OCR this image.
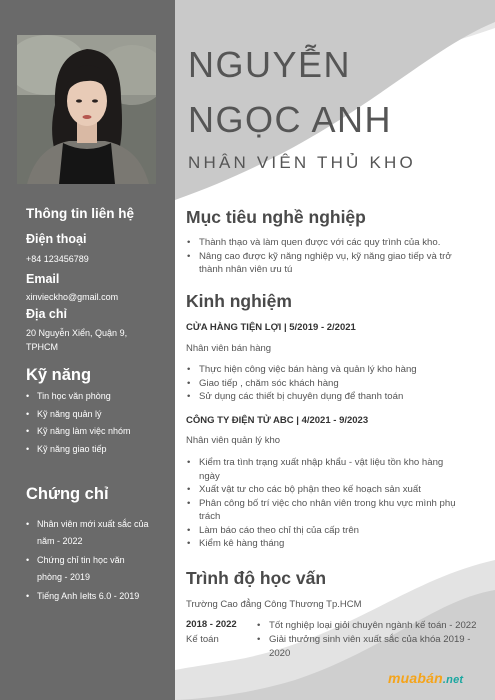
Thông tin liên hệ
Điện thoại
+84 123456789
Email
xinvieckho@gmail.com
Địa chỉ
20 Nguyễn Xiển, Quận 9,
TPHCM
Kỹ năng
• Tin học văn phòng
• Kỹ năng quản lý
• Kỹ năng làm việc nhóm
• Kỹ năng giao tiếp
Chứng chỉ
• Nhân viên mới xuất sắc của
năm - 2022
• Chứng chỉ tin học văn
phòng - 2019
• Tiếng Anh Ielts 6.0 - 2019
NGUYỄN
NGỌC ANH
NHÂN VIÊN THỦ KHO
Mục tiêu nghề nghiệp
• Thành thạo và làm quen được với các quy trình của kho.
• Nâng cao được kỹ năng nghiệp vụ, kỹ năng giao tiếp và trở thành nhân viên ưu tú
Kinh nghiệm
CỬA HÀNG TIỆN LỢI | 5/2019 - 2/2021
Nhân viên bán hàng
• Thực hiện công việc bán hàng và quản lý kho hàng
• Giao tiếp , chăm sóc khách hàng
• Sử dụng các thiết bị chuyên dụng để thanh toán
CÔNG TY ĐIỆN TỬ ABC | 4/2021 - 9/2023
Nhân viên quản lý kho
• Kiểm tra tình trạng xuất nhập khẩu - vật liệu tồn kho hàng ngày
• Xuất vật tư cho các bộ phận theo kế hoạch sản xuất
• Phân công bố trí việc cho nhân viên trong khu vực mình phụ trách
• Làm báo cáo theo chỉ thị của cấp trên
• Kiểm kê hàng tháng
Trình độ học vấn
Trường Cao đẳng Công Thương Tp.HCM
2018 - 2022
Kế toán
• Tốt nghiệp loại giỏi chuyên ngành kế toán - 2022
• Giải thưởng sinh viên xuất sắc của khóa 2019 - 2020
muabán.net
